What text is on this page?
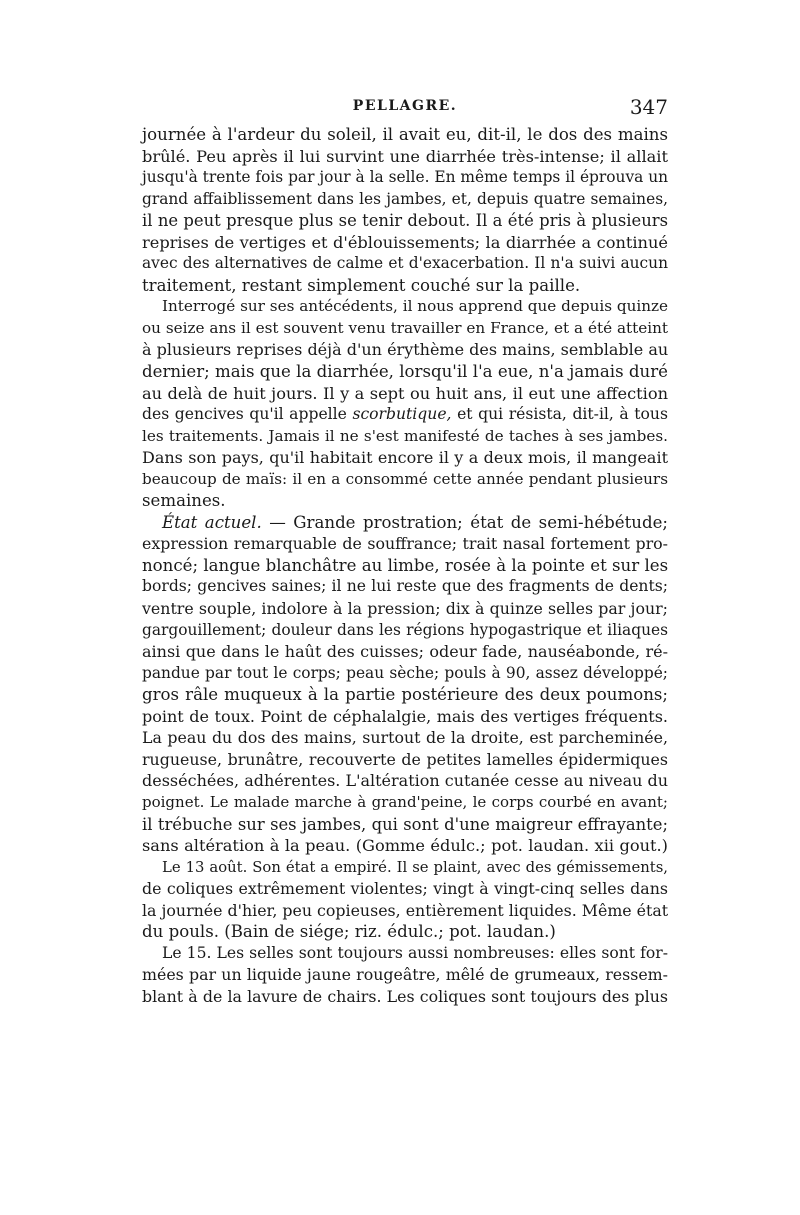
PELLAGRE.	347
journée à l'ardeur du soleil, il avait eu, dit-il, le dos des mains
brûlé. Peu après il lui survint une diarrhée très-intense; il allait
jusqu'à trente fois par jour à la selle. En même temps il éprouva un
grand affaiblissement dans les jambes, et, depuis quatre semaines,
il ne peut presque plus se tenir debout. Il a été pris à plusieurs
reprises de vertiges et d'éblouissements; la diarrhée a continué
avec des alternatives de calme et d'exacerbation. Il n'a suivi aucun
traitement, restant simplement couché sur la paille.
Interrogé sur ses antécédents, il nous apprend que depuis quinze
ou seize ans il est souvent venu travailler en France, et a été atteint
à plusieurs reprises déjà d'un érythème des mains, semblable au
dernier; mais que la diarrhée, lorsqu'il l'a eue, n'a jamais duré
au delà de huit jours. Il y a sept ou huit ans, il eut une affection
des gencives qu'il appelle scorbutique, et qui résista, dit-il, à tous
les traitements. Jamais il ne s'est manifesté de taches à ses jambes.
Dans son pays, qu'il habitait encore il y a deux mois, il mangeait
beaucoup de maïs: il en a consommé cette année pendant plusieurs
semaines.
État actuel. — Grande prostration; état de semi-hébétude;
expression remarquable de souffrance; trait nasal fortement pro-
noncé; langue blanchâtre au limbe, rosée à la pointe et sur les
bords; gencives saines; il ne lui reste que des fragments de dents;
ventre souple, indolore à la pression; dix à quinze selles par jour;
gargouillement; douleur dans les régions hypogastrique et iliaques
ainsi que dans le haût des cuisses; odeur fade, nauséabonde, ré-
pandue par tout le corps; peau sèche; pouls à 90, assez développé;
gros râle muqueux à la partie postérieure des deux poumons;
point de toux. Point de céphalalgie, mais des vertiges fréquents.
La peau du dos des mains, surtout de la droite, est parcheminée,
rugueuse, brunâtre, recouverte de petites lamelles épidermiques
desséchées, adhérentes. L'altération cutanée cesse au niveau du
poignet. Le malade marche à grand'peine, le corps courbé en avant;
il trébuche sur ses jambes, qui sont d'une maigreur effrayante;
sans altération à la peau. (Gomme édulc.; pot. laudan. xii gout.)
Le 13 août. Son état a empiré. Il se plaint, avec des gémissements,
de coliques extrêmement violentes; vingt à vingt-cinq selles dans
la journée d'hier, peu copieuses, entièrement liquides. Même état
du pouls. (Bain de siége; riz. édulc.; pot. laudan.)
Le 15. Les selles sont toujours aussi nombreuses: elles sont for-
mées par un liquide jaune rougeâtre, mêlé de grumeaux, ressem-
blant à de la lavure de chairs. Les coliques sont toujours des plus
